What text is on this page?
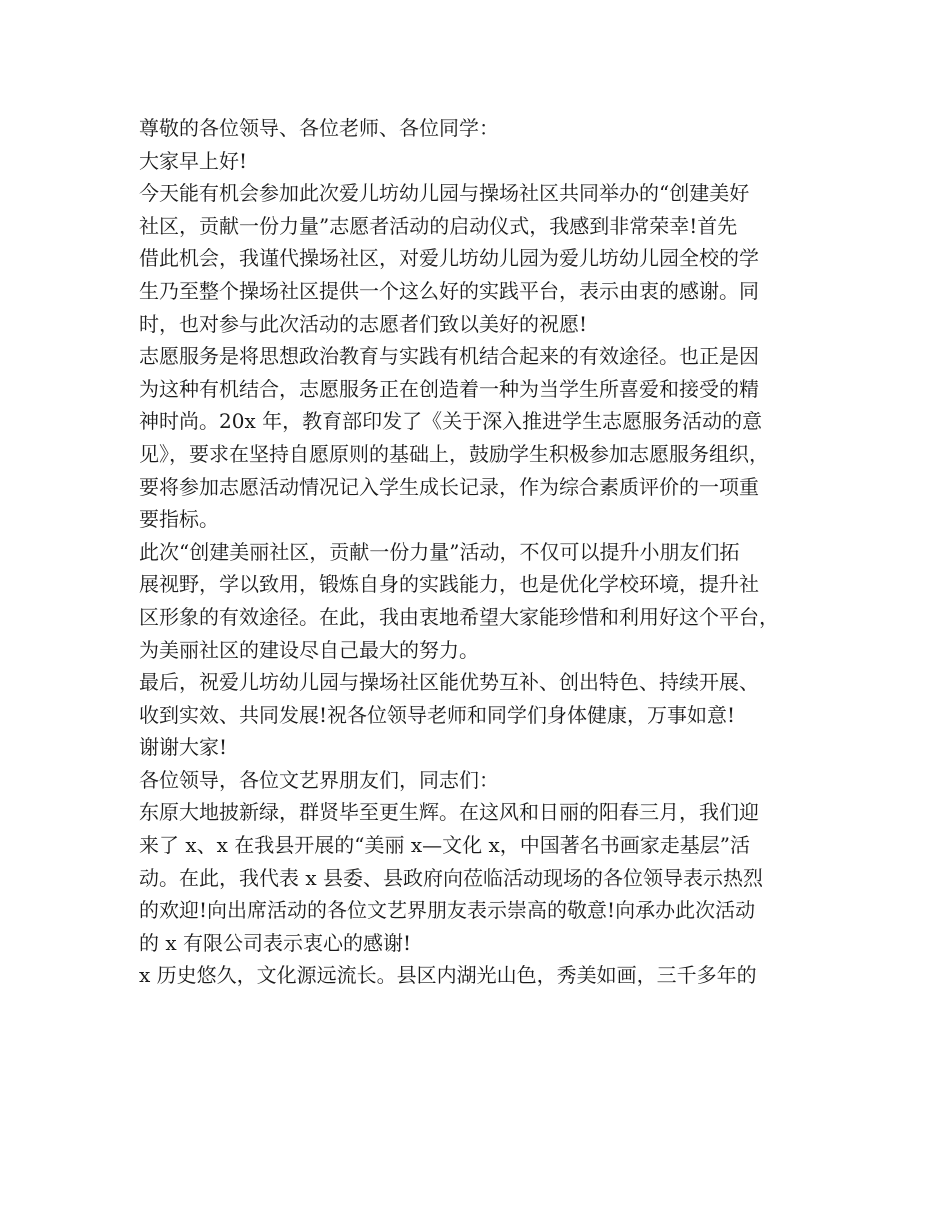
尊敬的各位领导、各位老师、各位同学：
大家早上好!
今天能有机会参加此次爱儿坊幼儿园与操场社区共同举办的“创建美好
社区，贡献一份力量”志愿者活动的启动仪式，我感到非常荣幸!首先
借此机会，我谨代操场社区，对爱儿坊幼儿园为爱儿坊幼儿园全校的学
生乃至整个操场社区提供一个这么好的实践平台，表示由衷的感谢。同
时，也对参与此次活动的志愿者们致以美好的祝愿!
志愿服务是将思想政治教育与实践有机结合起来的有效途径。也正是因
为这种有机结合，志愿服务正在创造着一种为当学生所喜爱和接受的精
神时尚。20x 年，教育部印发了《关于深入推进学生志愿服务活动的意
见》，要求在坚持自愿原则的基础上，鼓励学生积极参加志愿服务组织，
要将参加志愿活动情况记入学生成长记录，作为综合素质评价的一项重
要指标。
此次“创建美丽社区，贡献一份力量”活动，不仅可以提升小朋友们拓
展视野，学以致用，锻炼自身的实践能力，也是优化学校环境，提升社
区形象的有效途径。在此，我由衷地希望大家能珍惜和利用好这个平台，
为美丽社区的建设尽自己最大的努力。
最后，祝爱儿坊幼儿园与操场社区能优势互补、创出特色、持续开展、
收到实效、共同发展!祝各位领导老师和同学们身体健康，万事如意!
谢谢大家!
各位领导，各位文艺界朋友们，同志们：
东原大地披新绿，群贤毕至更生辉。在这风和日丽的阳春三月，我们迎
来了 x、x 在我县开展的“美丽 x—文化 x，中国著名书画家走基层”活
动。在此，我代表 x 县委、县政府向莅临活动现场的各位领导表示热烈
的欢迎!向出席活动的各位文艺界朋友表示崇高的敬意!向承办此次活动
的 x 有限公司表示衷心的感谢!
x 历史悠久，文化源远流长。县区内湖光山色，秀美如画，三千多年的
